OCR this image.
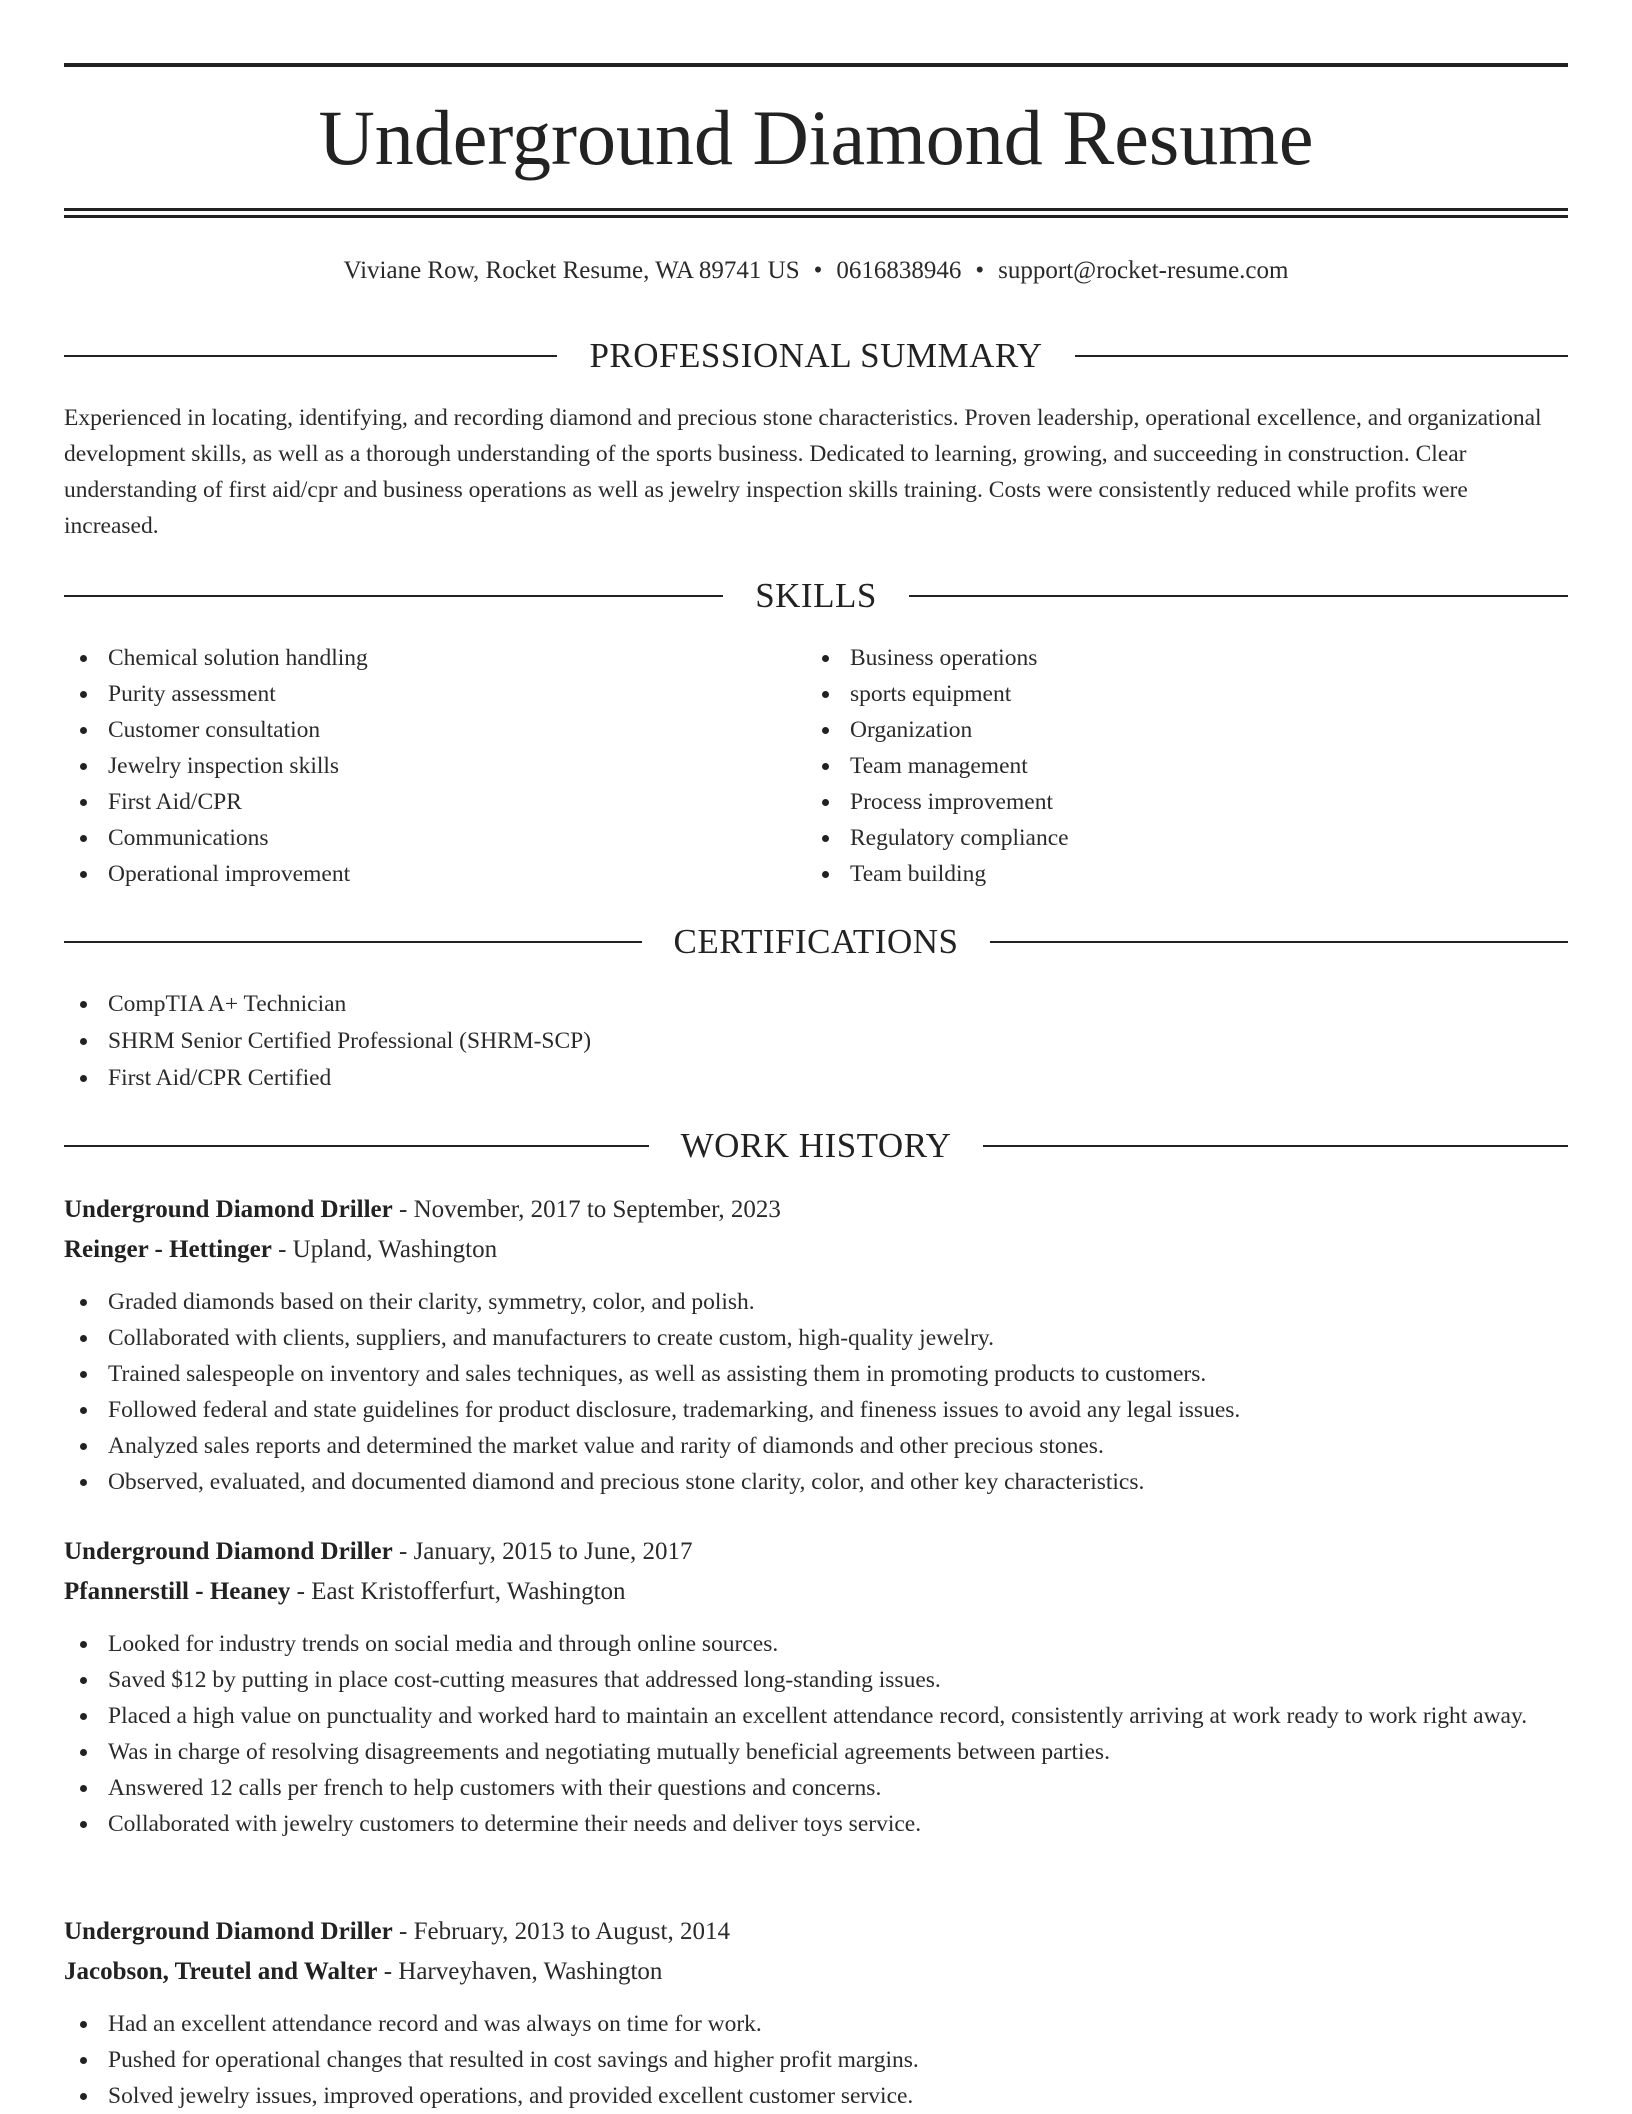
Underground Diamond Resume
Viviane Row, Rocket Resume, WA 89741 US • 0616838946 • support@rocket-resume.com
PROFESSIONAL SUMMARY

Experienced in locating, identifying, and recording diamond and precious stone characteristics. Proven leadership, operational excellence, and organizational development skills, as well as a thorough understanding of the sports business. Dedicated to learning, growing, and succeeding in construction. Clear understanding of first aid/cpr and business operations as well as jewelry inspection skills training. Costs were consistently reduced while profits were increased.

SKILLS
Chemical solution handling
Purity assessment
Customer consultation
Jewelry inspection skills
First Aid/CPR
Communications
Operational improvement
Business operations
sports equipment
Organization
Team management
Process improvement
Regulatory compliance
Team building
CERTIFICATIONS
CompTIA A+ Technician
SHRM Senior Certified Professional (SHRM-SCP)
First Aid/CPR Certified
WORK HISTORY
Underground Diamond Driller - November, 2017 to September, 2023
Reinger - Hettinger - Upland, Washington
Graded diamonds based on their clarity, symmetry, color, and polish.
Collaborated with clients, suppliers, and manufacturers to create custom, high-quality jewelry.
Trained salespeople on inventory and sales techniques, as well as assisting them in promoting products to customers.
Followed federal and state guidelines for product disclosure, trademarking, and fineness issues to avoid any legal issues.
Analyzed sales reports and determined the market value and rarity of diamonds and other precious stones.
Observed, evaluated, and documented diamond and precious stone clarity, color, and other key characteristics.
Underground Diamond Driller - January, 2015 to June, 2017
Pfannerstill - Heaney - East Kristofferfurt, Washington
Looked for industry trends on social media and through online sources.
Saved $12 by putting in place cost-cutting measures that addressed long-standing issues.
Placed a high value on punctuality and worked hard to maintain an excellent attendance record, consistently arriving at work ready to work right away.
Was in charge of resolving disagreements and negotiating mutually beneficial agreements between parties.
Answered 12 calls per french to help customers with their questions and concerns.
Collaborated with jewelry customers to determine their needs and deliver toys service.
Underground Diamond Driller - February, 2013 to August, 2014
Jacobson, Treutel and Walter - Harveyhaven, Washington
Had an excellent attendance record and was always on time for work.
Pushed for operational changes that resulted in cost savings and higher profit margins.
Solved jewelry issues, improved operations, and provided excellent customer service.
